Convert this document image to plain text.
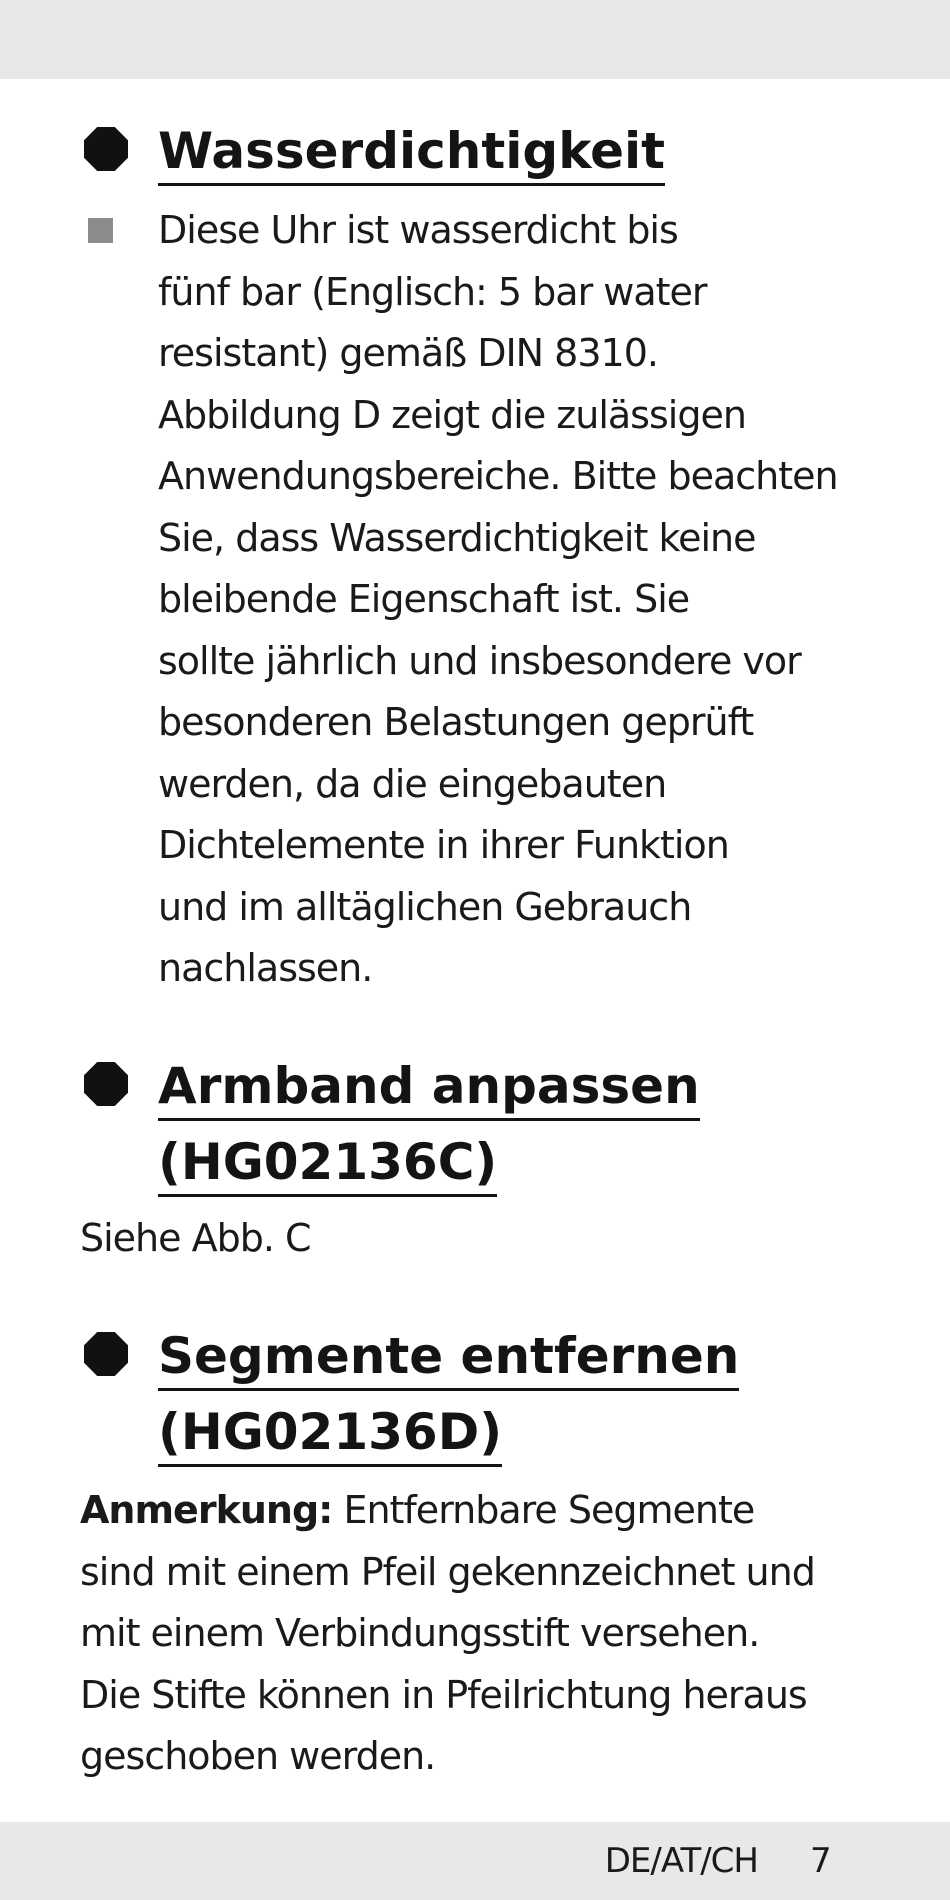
Wasserdichtigkeit

Diese Uhr ist wasserdicht bis
fünf bar (Englisch: 5 bar water
resistant) gemäß DIN 8310.
Abbildung D zeigt die zulässigen
Anwendungsbereiche. Bitte beachten
Sie, dass Wasserdichtigkeit keine
bleibende Eigenschaft ist. Sie
sollte jährlich und insbesondere vor
besonderen Belastungen geprüft
werden, da die eingebauten
Dichtelemente in ihrer Funktion
und im alltäglichen Gebrauch
nachlassen.

Armband anpassen
(HG02136C)

Siehe Abb. C

Segmente entfernen
(HG02136D)

Anmerkung: Entfernbare Segmente
sind mit einem Pfeil gekennzeichnet und
mit einem Verbindungsstift versehen.
Die Stifte können in Pfeilrichtung heraus
geschoben werden.

DE/AT/CH 7
